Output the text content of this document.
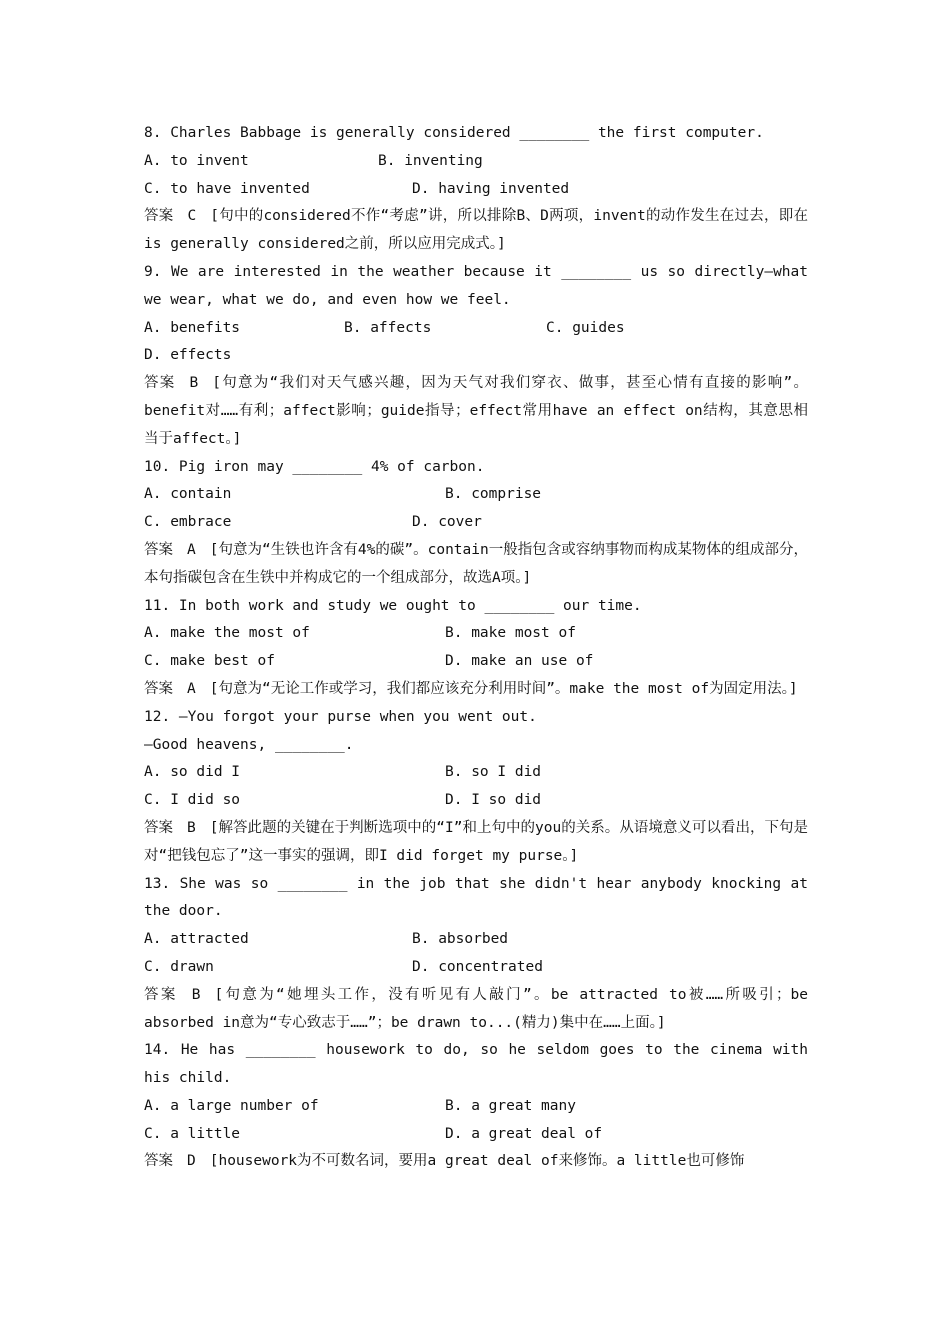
8. Charles Babbage is generally considered ________ the first computer.
A. to invent	B. inventing
C. to have invented	D. having invented
答案 C [句中的considered不作“考虑”讲，所以排除B、D两项，invent的动作发生在过去，即在is generally considered之前，所以应用完成式。]
9. We are interested in the weather because it ________ us so directly—what we wear, what we do, and even how we feel.
A. benefits	B. affects	C. guides
D. effects
答案 B [句意为“我们对天气感兴趣，因为天气对我们穿衣、做事，甚至心情有直接的影响”。benefit对……有利；affect影响；guide指导；effect常用have an effect on结构，其意思相当于affect。]
10. Pig iron may ________ 4% of carbon.
A. contain	B. comprise
C. embrace	D. cover
答案 A [句意为“生铁也许含有4%的碳”。contain一般指包含或容纳事物而构成某物体的组成部分，本句指碳包含在生铁中并构成它的一个组成部分，故选A项。]
11. In both work and study we ought to ________ our time.
A. make the most of	B. make most of
C. make best of	D. make an use of
答案 A [句意为“无论工作或学习，我们都应该充分利用时间”。make the most of为固定用法。]
12. —You forgot your purse when you went out.
—Good heavens, ________.
A. so did I	B. so I did
C. I did so	D. I so did
答案 B [解答此题的关键在于判断选项中的“I”和上句中的you的关系。从语境意义可以看出，下句是对“把钱包忘了”这一事实的强调，即I did forget my purse。]
13. She was so ________ in the job that she didn't hear anybody knocking at the door.
A. attracted	B. absorbed
C. drawn	D. concentrated
答案 B [句意为“她埋头工作，没有听见有人敲门”。be attracted to被……所吸引；be absorbed in意为“专心致志于……”；be drawn to...(精力)集中在……上面。]
14. He has ________ housework to do, so he seldom goes to the cinema with his child.
A. a large number of	B. a great many
C. a little	D. a great deal of
答案 D [housework为不可数名词，要用a great deal of来修饰。a little也可修饰
